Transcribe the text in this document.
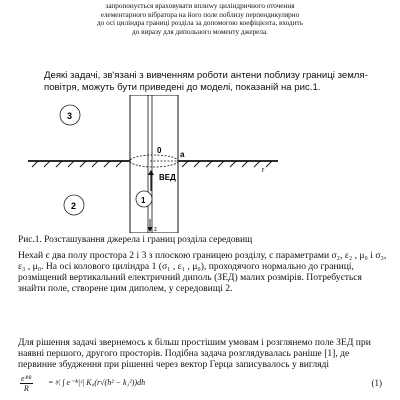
запропонується враховувати вплиwу циліндричного оточення

елементарного вібратора на його поле поблизу перпендикулярно

до осі циліндра границі розділа за допомогою коефіцієнта, входить

до виразу для дипольного моменту джерела.

Деякі задачі, зв'язані з вивченням роботи антени поблизу границі земля-повітря, можуть бути приведені до моделі, показаній на рис.1.

3
0 a
r
ВЕД
2
1
z

Рис.1. Розсташування джерела і границ розділа середовищ

Нехай є два полу простора 2 і 3 з плоскою границею розділу, с параметрами σ₂, ε₂ , μ₀ і σ₃, ε₃ , μ₀. На осі колового циліндра 1 (σ₁ , ε₁ , μ₀), проходячого нормально до границі, розміщений вертикальний електричний диполь (ЗЕД) малих розмірів. Потребується знайти поле, створене цим диполем, у середовищі 2.

Для рішення задачі звернемось к більш простішим умовам і розглянемо поле ЗЕД при наявні першого, другого просторів. Подібна задача розглядувалась раніше [1], де первинне збудження при рішенні через вектор Герца записувалось у вигляді

eⁱᵏᴿ
R
= ᵖ⁄ᵢ ∫ e⁻ⁱʰ|ᶻ| K₀(r√(h² − k₁²))dh	(1)
